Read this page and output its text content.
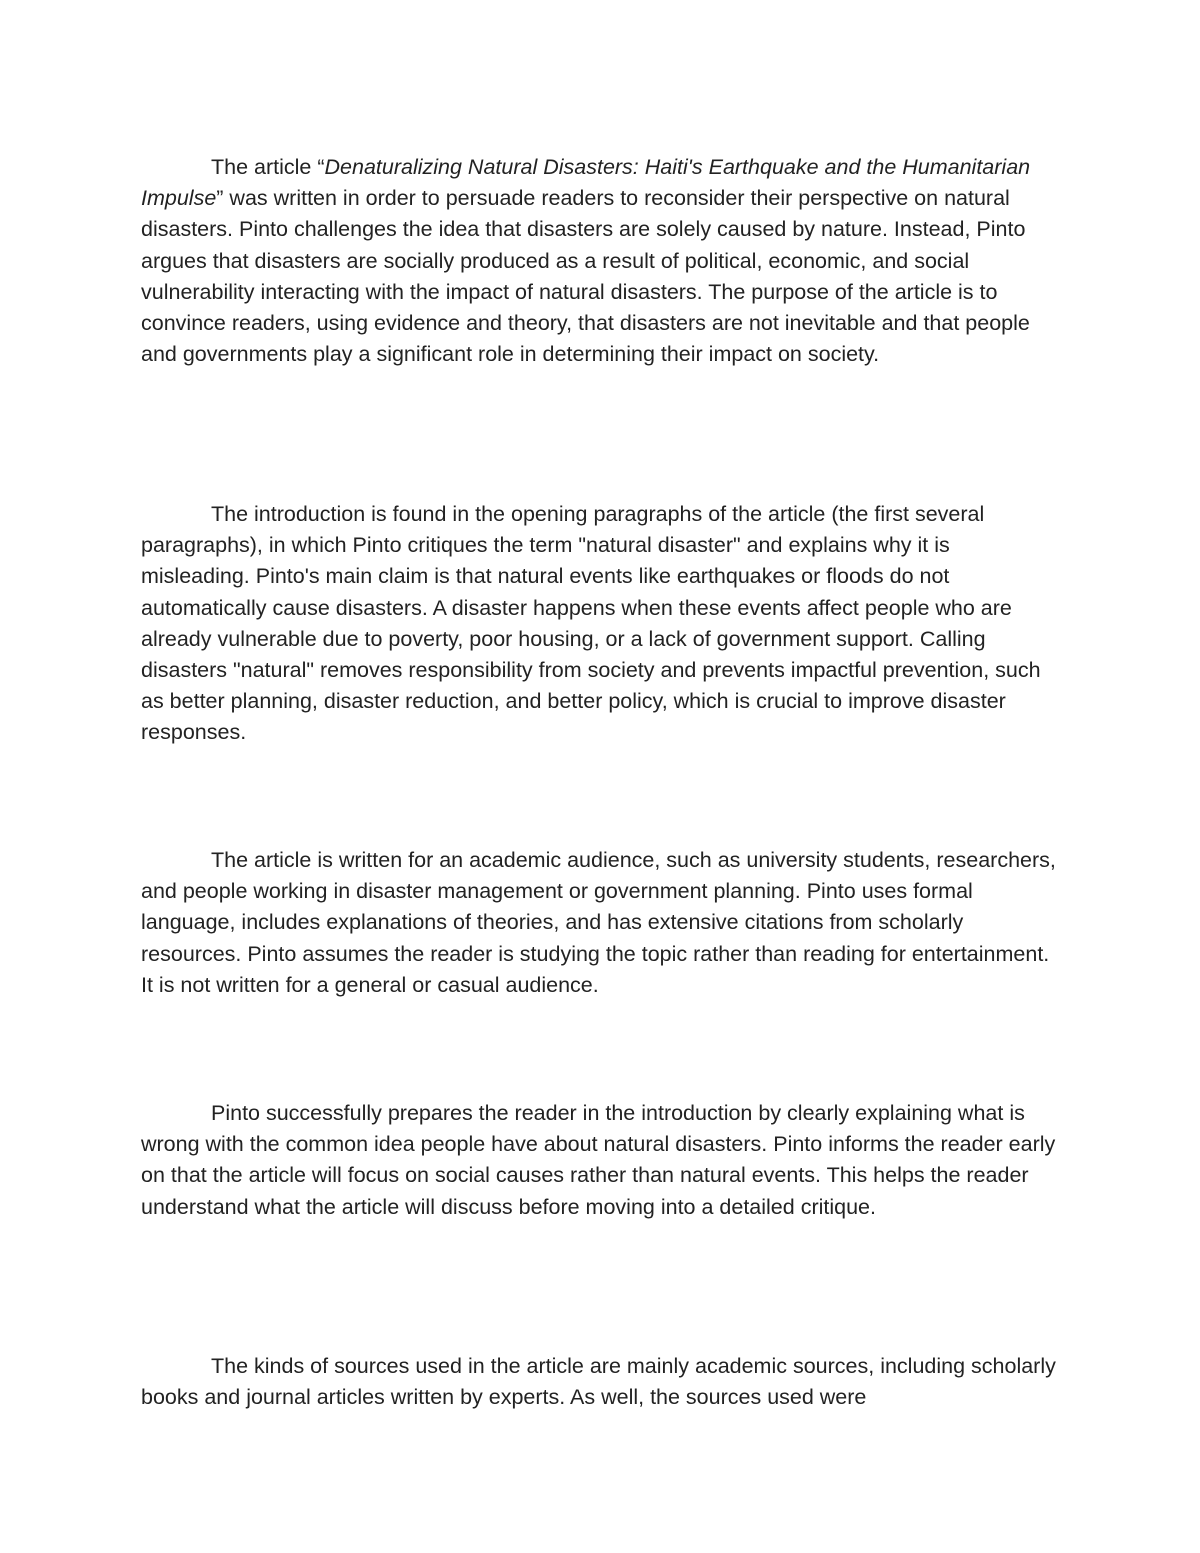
The article “Denaturalizing Natural Disasters: Haiti's Earthquake and the Humanitarian Impulse” was written in order to persuade readers to reconsider their perspective on natural disasters. Pinto challenges the idea that disasters are solely caused by nature. Instead, Pinto argues that disasters are socially produced as a result of political, economic, and social vulnerability interacting with the impact of natural disasters. The purpose of the article is to convince readers, using evidence and theory, that disasters are not inevitable and that people and governments play a significant role in determining their impact on society.

The introduction is found in the opening paragraphs of the article (the first several paragraphs), in which Pinto critiques the term "natural disaster" and explains why it is misleading. Pinto's main claim is that natural events like earthquakes or floods do not automatically cause disasters. A disaster happens when these events affect people who are already vulnerable due to poverty, poor housing, or a lack of government support. Calling disasters "natural" removes responsibility from society and prevents impactful prevention, such as better planning, disaster reduction, and better policy, which is crucial to improve disaster responses.

The article is written for an academic audience, such as university students, researchers, and people working in disaster management or government planning. Pinto uses formal language, includes explanations of theories, and has extensive citations from scholarly resources. Pinto assumes the reader is studying the topic rather than reading for entertainment. It is not written for a general or casual audience.

Pinto successfully prepares the reader in the introduction by clearly explaining what is wrong with the common idea people have about natural disasters. Pinto informs the reader early on that the article will focus on social causes rather than natural events. This helps the reader understand what the article will discuss before moving into a detailed critique.

The kinds of sources used in the article are mainly academic sources, including scholarly books and journal articles written by experts. As well, the sources used were
